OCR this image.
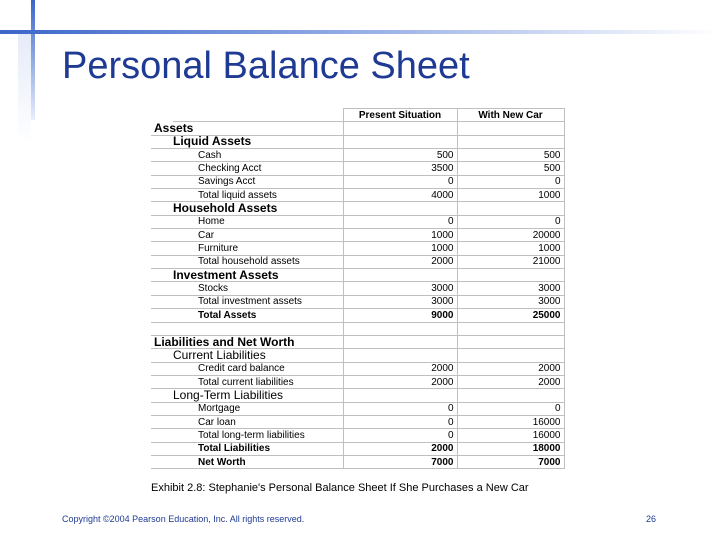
Personal Balance Sheet
		Present Situation	With New Car
Assets			
	Liquid Assets		
	Cash	500	500
	Checking Acct	3500	500
	Savings Acct	0	0
	Total liquid assets	4000	1000
	Household Assets		
	Home	0	0
	Car	1000	20000
	Furniture	1000	1000
	Total household assets	2000	21000
	Investment Assets		
	Stocks	3000	3000
	Total investment assets	3000	3000
	Total Assets	9000	25000

Liabilities and Net Worth			
	Current Liabilities		
	Credit card balance	2000	2000
	Total current liabilities	2000	2000
	Long-Term Liabilities		
	Mortgage	0	0
	Car loan	0	16000
	Total long-term liabilities	0	16000
	Total Liabilities	2000	18000
	Net Worth	7000	7000
Exhibit 2.8: Stephanie's Personal Balance Sheet If She Purchases a New Car
Copyright ©2004 Pearson Education, Inc. All rights reserved.	26
